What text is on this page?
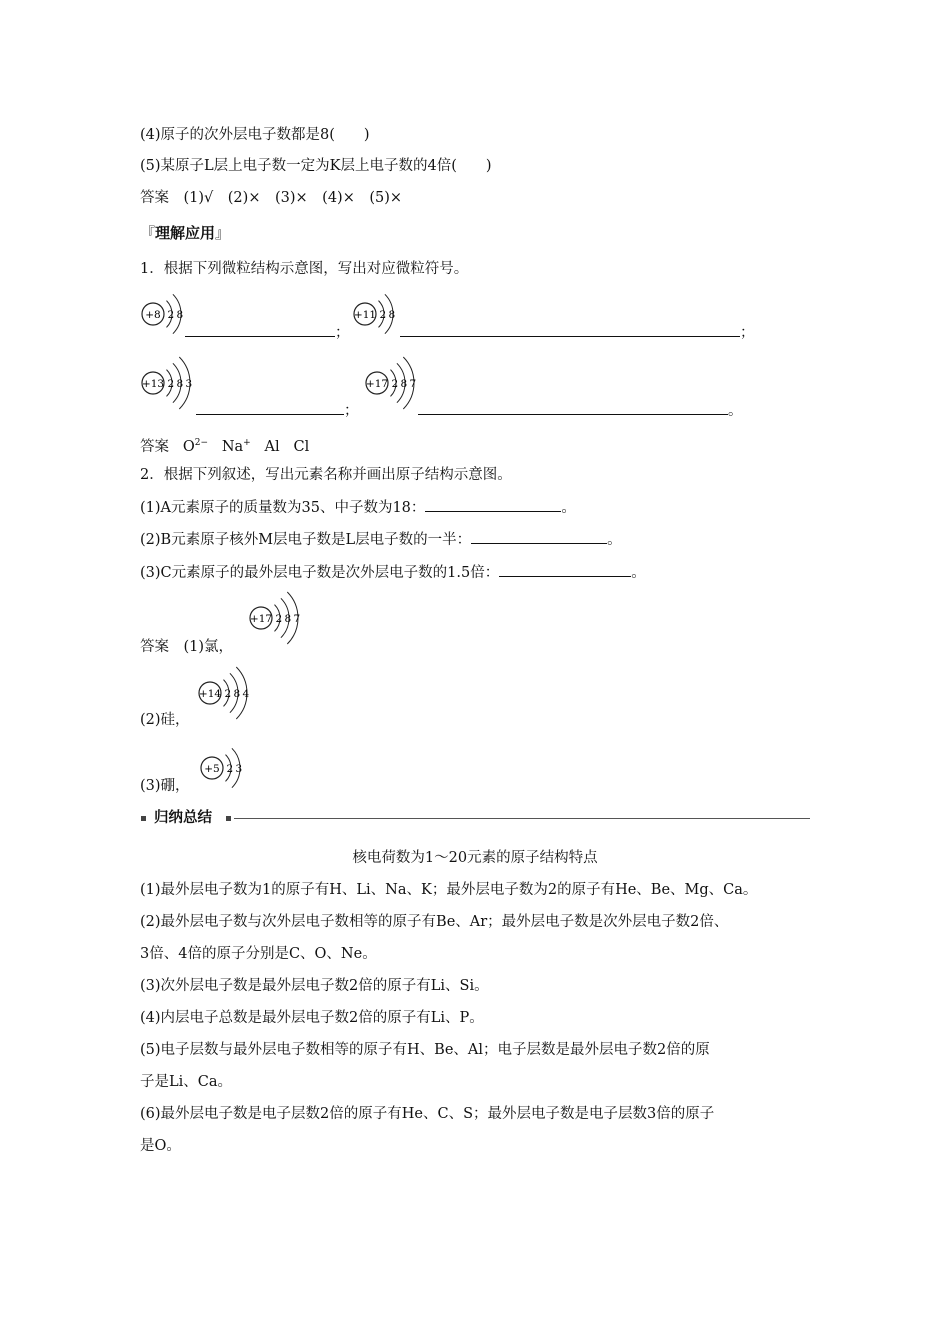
(4)原子的次外层电子数都是8(　　)
(5)某原子L层上电子数一定为K层上电子数的4倍(　　)
答案　(1)√　(2)×　(3)×　(4)×　(5)×
『理解应用』
1．根据下列微粒结构示意图，写出对应微粒符号。
+8 2 8
；
+11 2 8
；
+13 2 8 3
；
+17 2 8 7
。
答案 $O^{2-}$ Na+ Al Cl
2．根据下列叙述，写出元素名称并画出原子结构示意图。
(1)A元素原子的质量数为35、中子数为18：	。
(2)B元素原子核外M层电子数是L层电子数的一半：	。
(3)C元素原子的最外层电子数是次外层电子数的1.5倍：	。
答案　(1)氯，
+17 2 8 7
(2)硅，
+14 2 8 4
(3)硼，
+5 2 3
归纳总结
核电荷数为1～20元素的原子结构特点
(1)最外层电子数为1的原子有H、Li、Na、K；最外层电子数为2的原子有He、Be、Mg、Ca。
(2)最外层电子数与次外层电子数相等的原子有Be、Ar；最外层电子数是次外层电子数2倍、
3倍、4倍的原子分别是C、O、Ne。
(3)次外层电子数是最外层电子数2倍的原子有Li、Si。
(4)内层电子总数是最外层电子数2倍的原子有Li、P。
(5)电子层数与最外层电子数相等的原子有H、Be、Al；电子层数是最外层电子数2倍的原
子是Li、Ca。
(6)最外层电子数是电子层数2倍的原子有He、C、S；最外层电子数是电子层数3倍的原子
是O。
